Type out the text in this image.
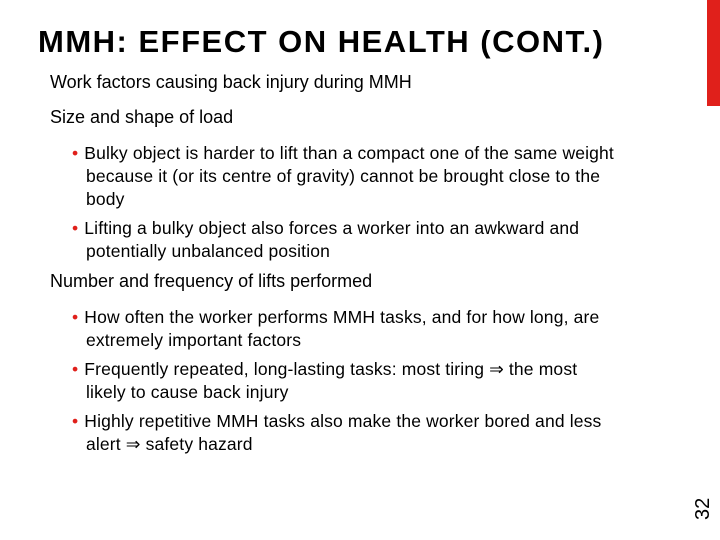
MMH: EFFECT ON HEALTH (CONT.)
Work factors causing back injury during MMH
Size and shape of load
• Bulky object is harder to lift than a compact one of the same weight
because it (or its centre of gravity) cannot be brought close to the
body
• Lifting a bulky object also forces a worker into an awkward and
potentially unbalanced position
Number and frequency of lifts performed
• How often the worker performs MMH tasks, and for how long, are
extremely important factors
• Frequently repeated, long-lasting tasks: most tiring ⇒ the most
likely to cause back injury
• Highly repetitive MMH tasks also make the worker bored and less
alert ⇒ safety hazard
32
